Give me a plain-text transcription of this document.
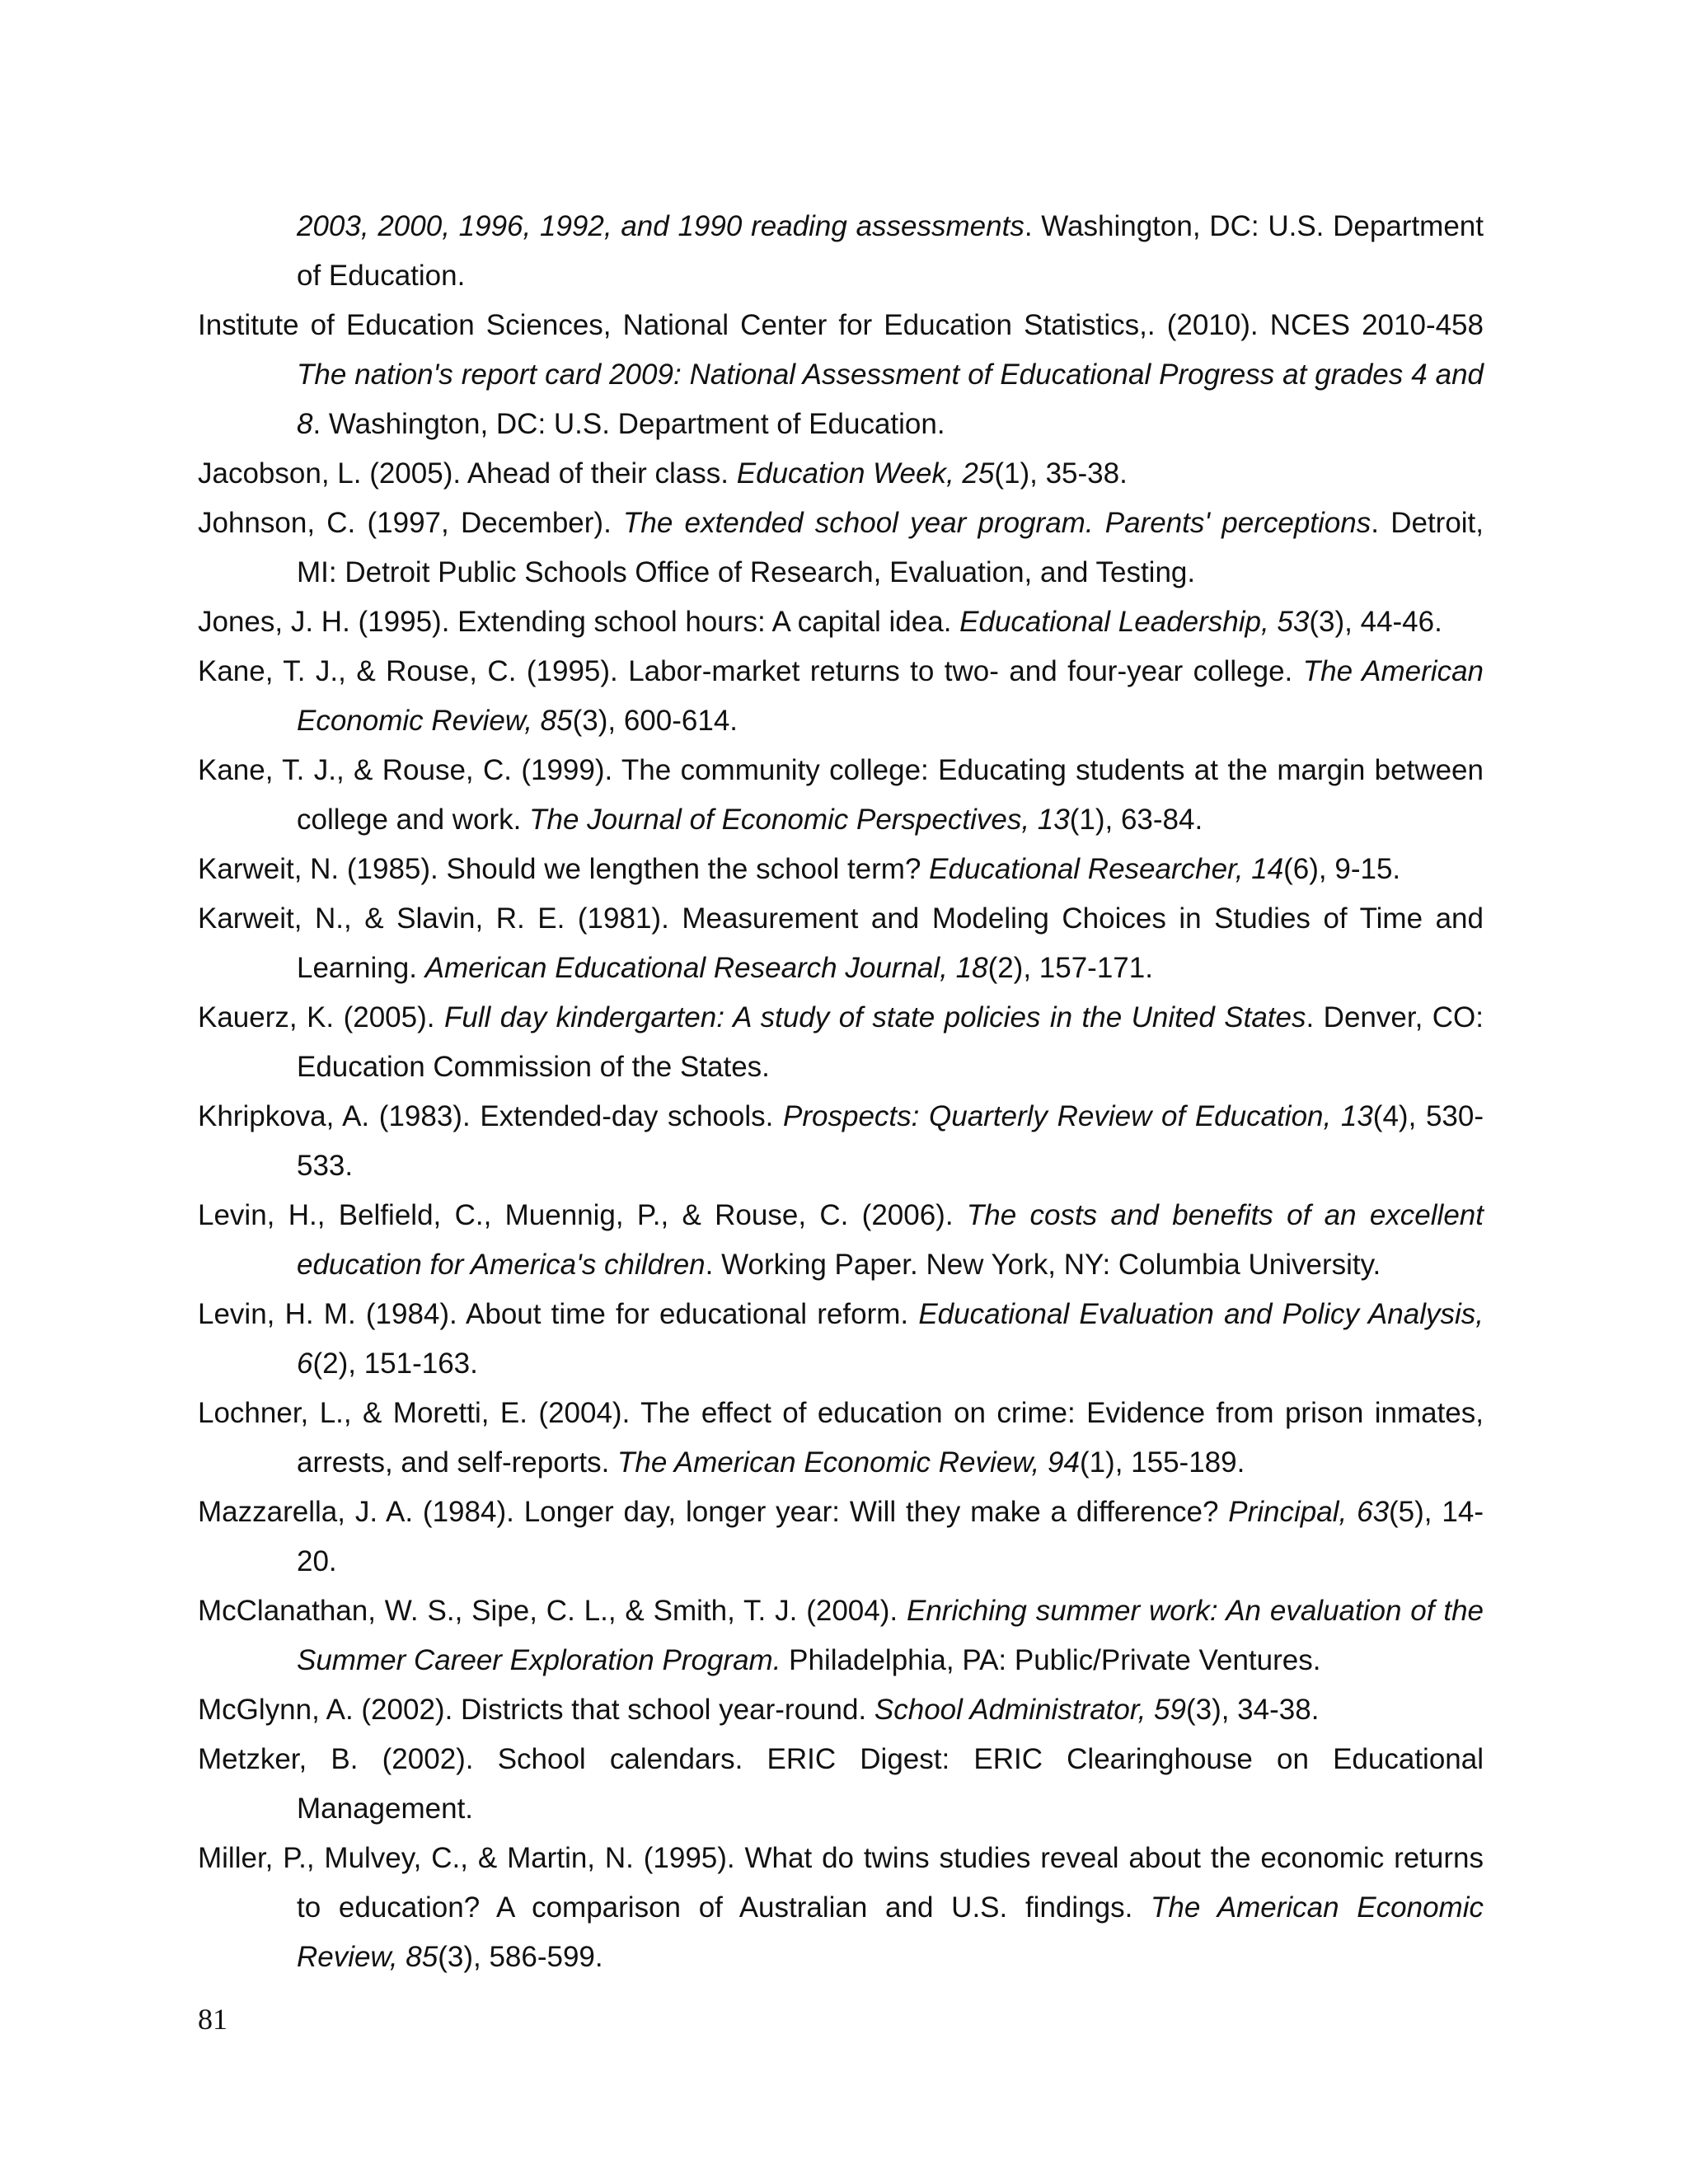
2003, 2000, 1996, 1992, and 1990 reading assessments. Washington, DC: U.S. Department of Education.

Institute of Education Sciences, National Center for Education Statistics,. (2010). NCES 2010-458 The nation's report card 2009: National Assessment of Educational Progress at grades 4 and 8. Washington, DC: U.S. Department of Education.

Jacobson, L. (2005). Ahead of their class. Education Week, 25(1), 35-38.

Johnson, C. (1997, December). The extended school year program. Parents' perceptions. Detroit, MI: Detroit Public Schools Office of Research, Evaluation, and Testing.

Jones, J. H. (1995). Extending school hours: A capital idea. Educational Leadership, 53(3), 44-46.

Kane, T. J., & Rouse, C. (1995). Labor-market returns to two- and four-year college. The American Economic Review, 85(3), 600-614.

Kane, T. J., & Rouse, C. (1999). The community college: Educating students at the margin between college and work. The Journal of Economic Perspectives, 13(1), 63-84.

Karweit, N. (1985). Should we lengthen the school term? Educational Researcher, 14(6), 9-15.

Karweit, N., & Slavin, R. E. (1981). Measurement and Modeling Choices in Studies of Time and Learning. American Educational Research Journal, 18(2), 157-171.

Kauerz, K. (2005). Full day kindergarten: A study of state policies in the United States. Denver, CO: Education Commission of the States.

Khripkova, A. (1983). Extended-day schools. Prospects: Quarterly Review of Education, 13(4), 530-533.

Levin, H., Belfield, C., Muennig, P., & Rouse, C. (2006). The costs and benefits of an excellent education for America's children. Working Paper. New York, NY: Columbia University.

Levin, H. M. (1984). About time for educational reform. Educational Evaluation and Policy Analysis, 6(2), 151-163.

Lochner, L., & Moretti, E. (2004). The effect of education on crime: Evidence from prison inmates, arrests, and self-reports. The American Economic Review, 94(1), 155-189.

Mazzarella, J. A. (1984). Longer day, longer year: Will they make a difference? Principal, 63(5), 14-20.

McClanathan, W. S., Sipe, C. L., & Smith, T. J. (2004). Enriching summer work: An evaluation of the Summer Career Exploration Program. Philadelphia, PA: Public/Private Ventures.

McGlynn, A. (2002). Districts that school year-round. School Administrator, 59(3), 34-38.

Metzker, B. (2002). School calendars. ERIC Digest: ERIC Clearinghouse on Educational Management.

Miller, P., Mulvey, C., & Martin, N. (1995). What do twins studies reveal about the economic returns to education? A comparison of Australian and U.S. findings. The American Economic Review, 85(3), 586-599.

81
